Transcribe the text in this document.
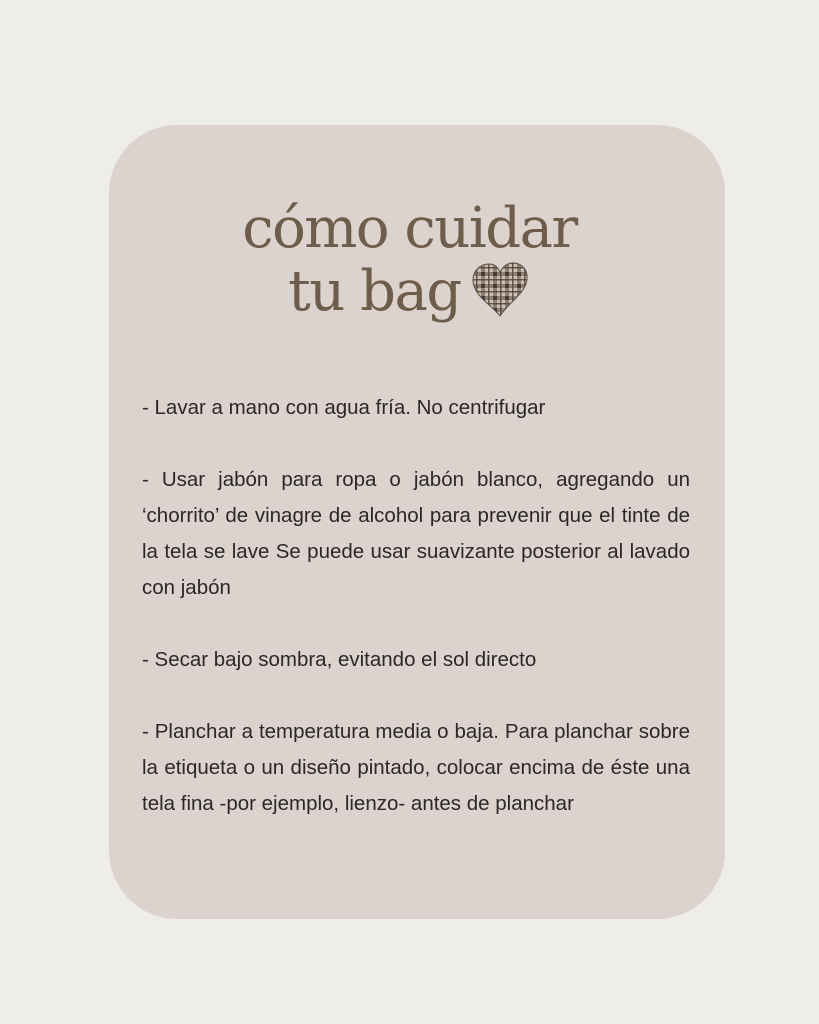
cómo cuidar
tu bag

- Lavar a mano con agua fría. No centrifugar

- Usar jabón para ropa o jabón blanco, agregando un ‘chorrito’ de vinagre de alcohol para prevenir que el tinte de la tela se lave Se puede usar suavizante posterior al lavado con jabón

- Secar bajo sombra, evitando el sol directo

- Planchar a temperatura media o baja. Para planchar sobre la etiqueta o un diseño pintado, colocar encima de éste una tela fina -por ejemplo, lienzo- antes de planchar
